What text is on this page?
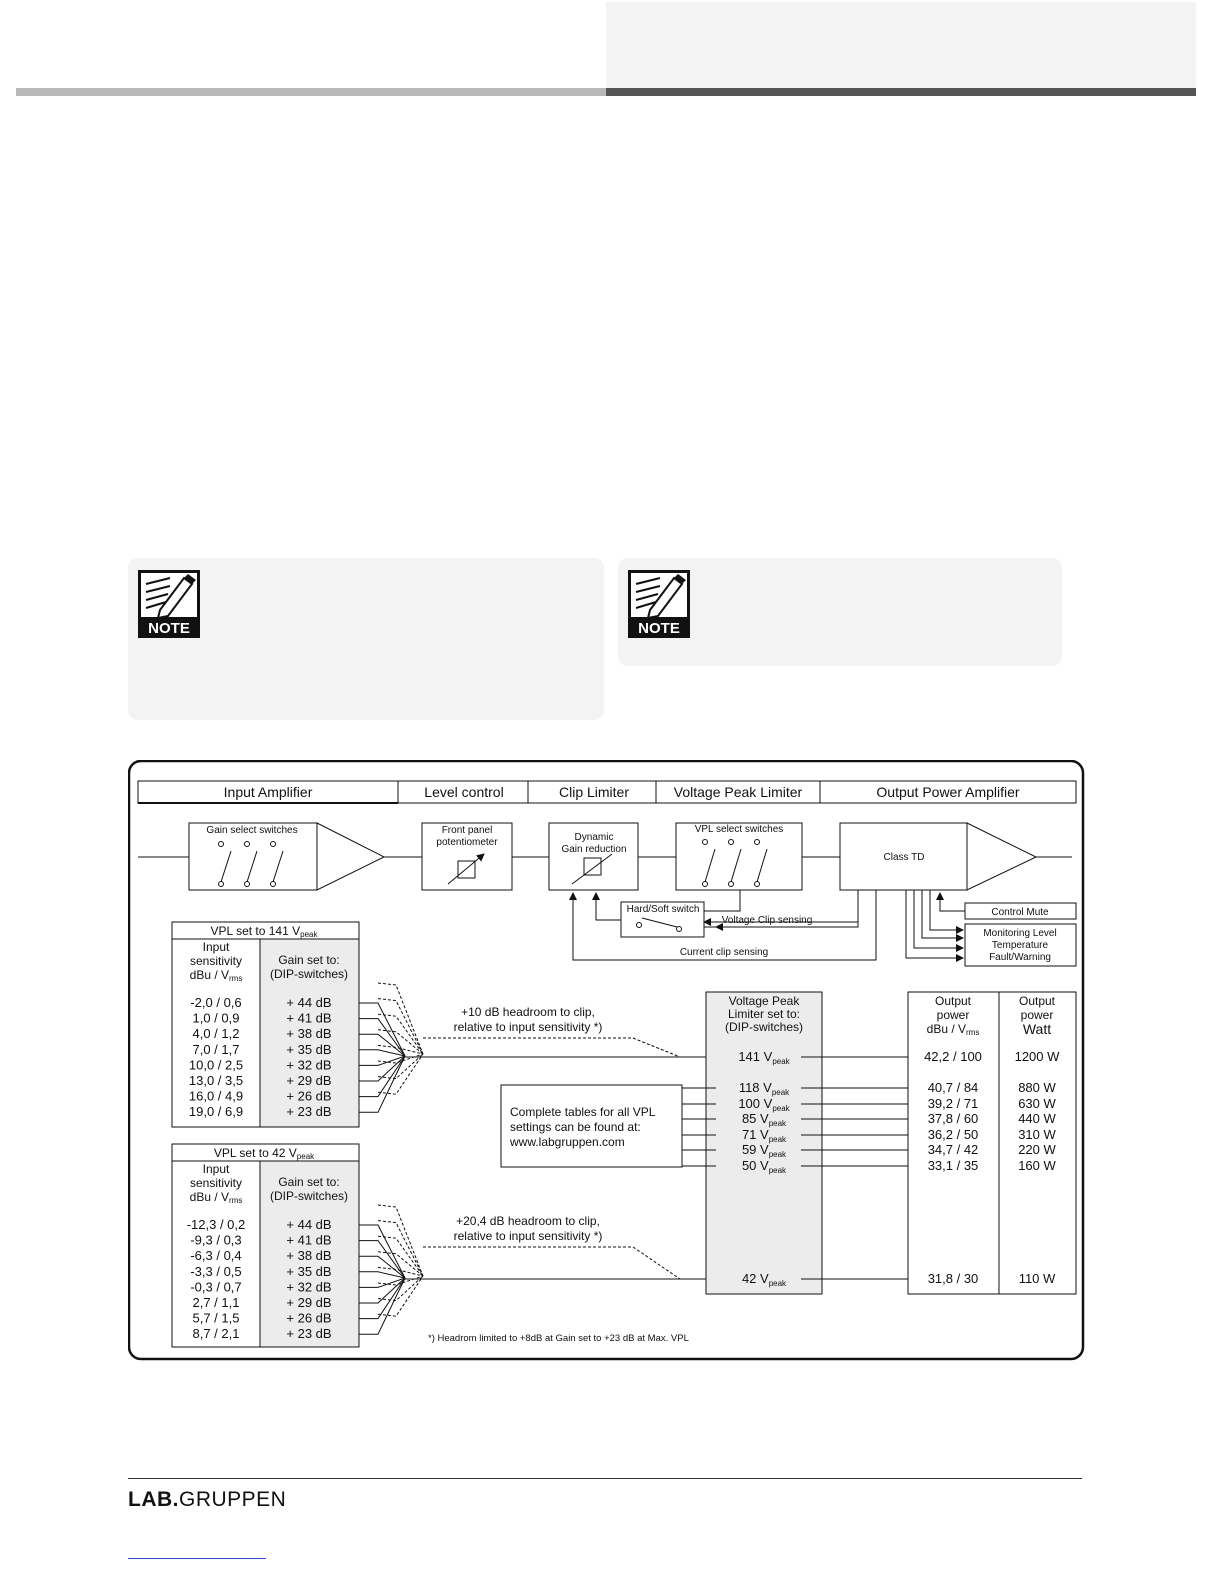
NOTE	NOTE
Input Amplifier	Level control	Clip Limiter	Voltage Peak Limiter	Output Power Amplifier
Gain select switches	Front panel
potentiometer	Dynamic
Gain reduction
VPL select switches
Class TD
Hard/Soft switch
Voltage Clip sensing
Current clip sensing
Control Mute
Monitoring Level
Temperature
Fault/Warning
VPL set to 141 Vpeak
Input
sensitivity
dBu / Vrms
Gain set to:
(DIP-switches)
-2,0 / 0,6	+ 44 dB
1,0 / 0,9	+ 41 dB
4,0 / 1,2	+ 38 dB
7,0 / 1,7	+ 35 dB
10,0 / 2,5	+ 32 dB
13,0 / 3,5	+ 29 dB
16,0 / 4,9	+ 26 dB
19,0 / 6,9	+ 23 dB
VPL set to 42 Vpeak
Input
sensitivity
dBu / Vrms
Gain set to:
(DIP-switches)
-12,3 / 0,2	+ 44 dB
-9,3 / 0,3	+ 41 dB
-6,3 / 0,4	+ 38 dB
-3,3 / 0,5	+ 35 dB
-0,3 / 0,7	+ 32 dB
2,7 / 1,1	+ 29 dB
5,7 / 1,5	+ 26 dB
8,7 / 2,1	+ 23 dB
+10 dB headroom to clip,
relative to input sensitivity *)
+20,4 dB headroom to clip,
relative to input sensitivity *)
Complete tables for all VPL
settings can be found at:
www.labgruppen.com
Voltage Peak
Limiter set to:
(DIP-switches)
Output
power
dBu / Vrms
Output
power
Watt
141 $V_{peak}$	42,2 / 100	1200 W
118 $V_{peak}$	40,7 / 84	880 W
100 $V_{peak}$	39,2 / 71	630 W
85 $V_{peak}$	37,8 / 60	440 W
71 $V_{peak}$	36,2 / 50	310 W
59 $V_{peak}$	34,7 / 42	220 W
50 $V_{peak}$	33,1 / 35	160 W
42 $V_{peak}$	31,8 / 30	110 W
*) Headrom limited to +8dB at Gain set to +23 dB at Max. VPL
LAB.GRUPPEN
